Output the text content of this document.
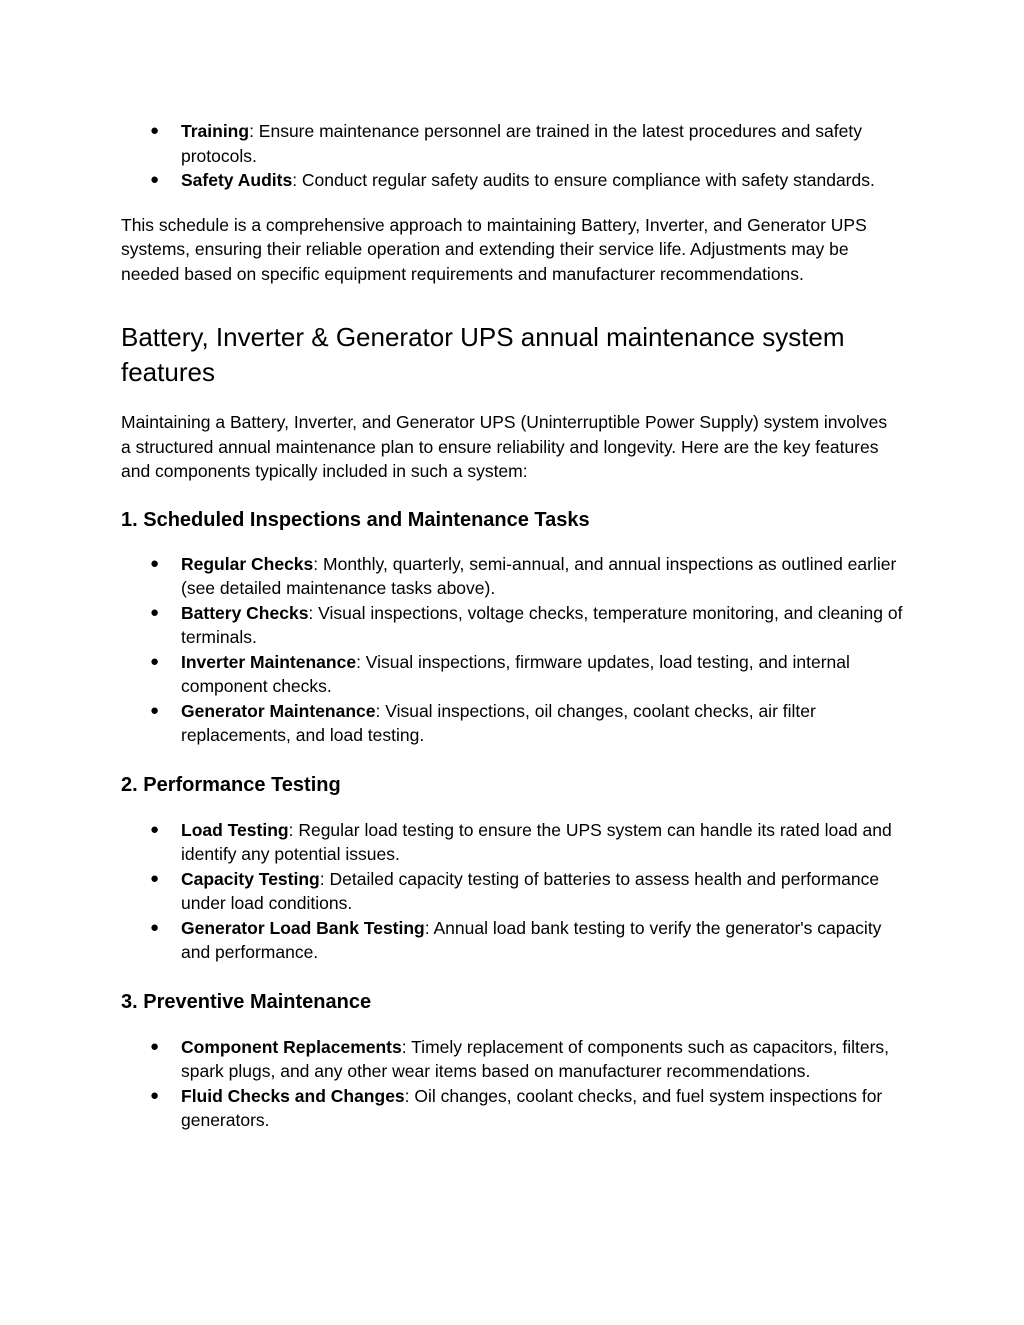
● Training: Ensure maintenance personnel are trained in the latest procedures and safety protocols.
● Safety Audits: Conduct regular safety audits to ensure compliance with safety standards.

This schedule is a comprehensive approach to maintaining Battery, Inverter, and Generator UPS systems, ensuring their reliable operation and extending their service life. Adjustments may be needed based on specific equipment requirements and manufacturer recommendations.

Battery, Inverter & Generator UPS annual maintenance system features

Maintaining a Battery, Inverter, and Generator UPS (Uninterruptible Power Supply) system involves a structured annual maintenance plan to ensure reliability and longevity. Here are the key features and components typically included in such a system:

1. Scheduled Inspections and Maintenance Tasks
● Regular Checks: Monthly, quarterly, semi-annual, and annual inspections as outlined earlier (see detailed maintenance tasks above).
● Battery Checks: Visual inspections, voltage checks, temperature monitoring, and cleaning of terminals.
● Inverter Maintenance: Visual inspections, firmware updates, load testing, and internal component checks.
● Generator Maintenance: Visual inspections, oil changes, coolant checks, air filter replacements, and load testing.
2. Performance Testing
● Load Testing: Regular load testing to ensure the UPS system can handle its rated load and identify any potential issues.
● Capacity Testing: Detailed capacity testing of batteries to assess health and performance under load conditions.
● Generator Load Bank Testing: Annual load bank testing to verify the generator's capacity and performance.
3. Preventive Maintenance
● Component Replacements: Timely replacement of components such as capacitors, filters, spark plugs, and any other wear items based on manufacturer recommendations.
● Fluid Checks and Changes: Oil changes, coolant checks, and fuel system inspections for generators.
